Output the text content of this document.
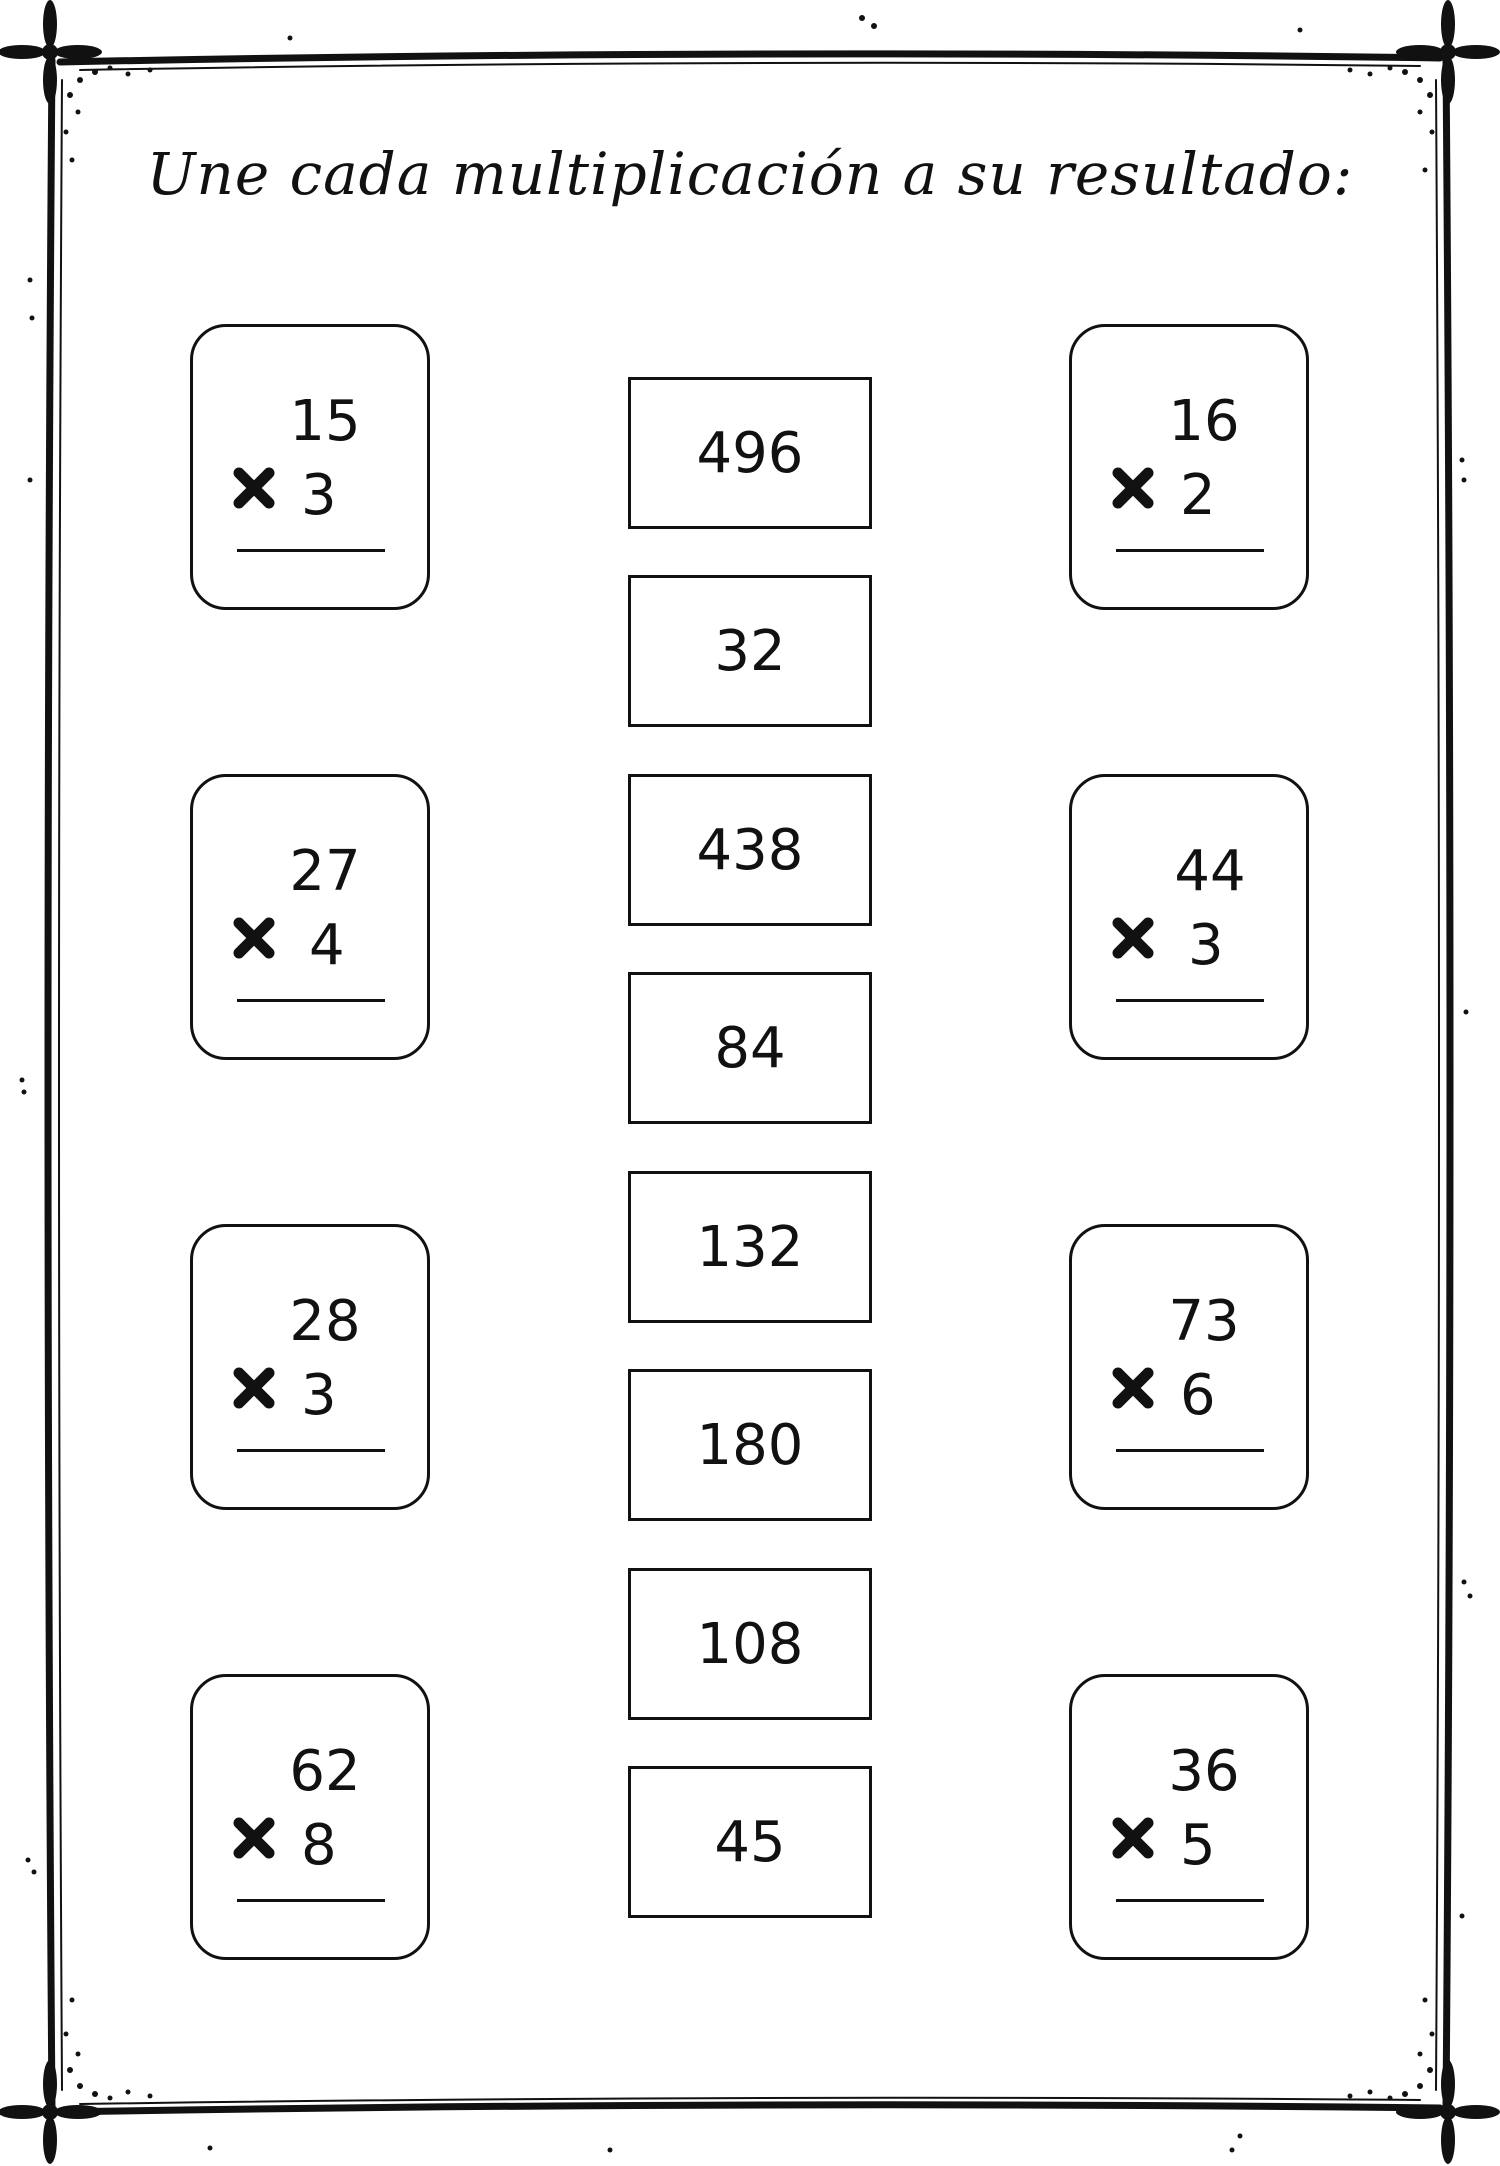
Une cada multiplicación a su resultado:
15
3
27
4
28
3
62
8
16
2
44
3
73
6
36
5
496
32
438
84
132
180
108
45
